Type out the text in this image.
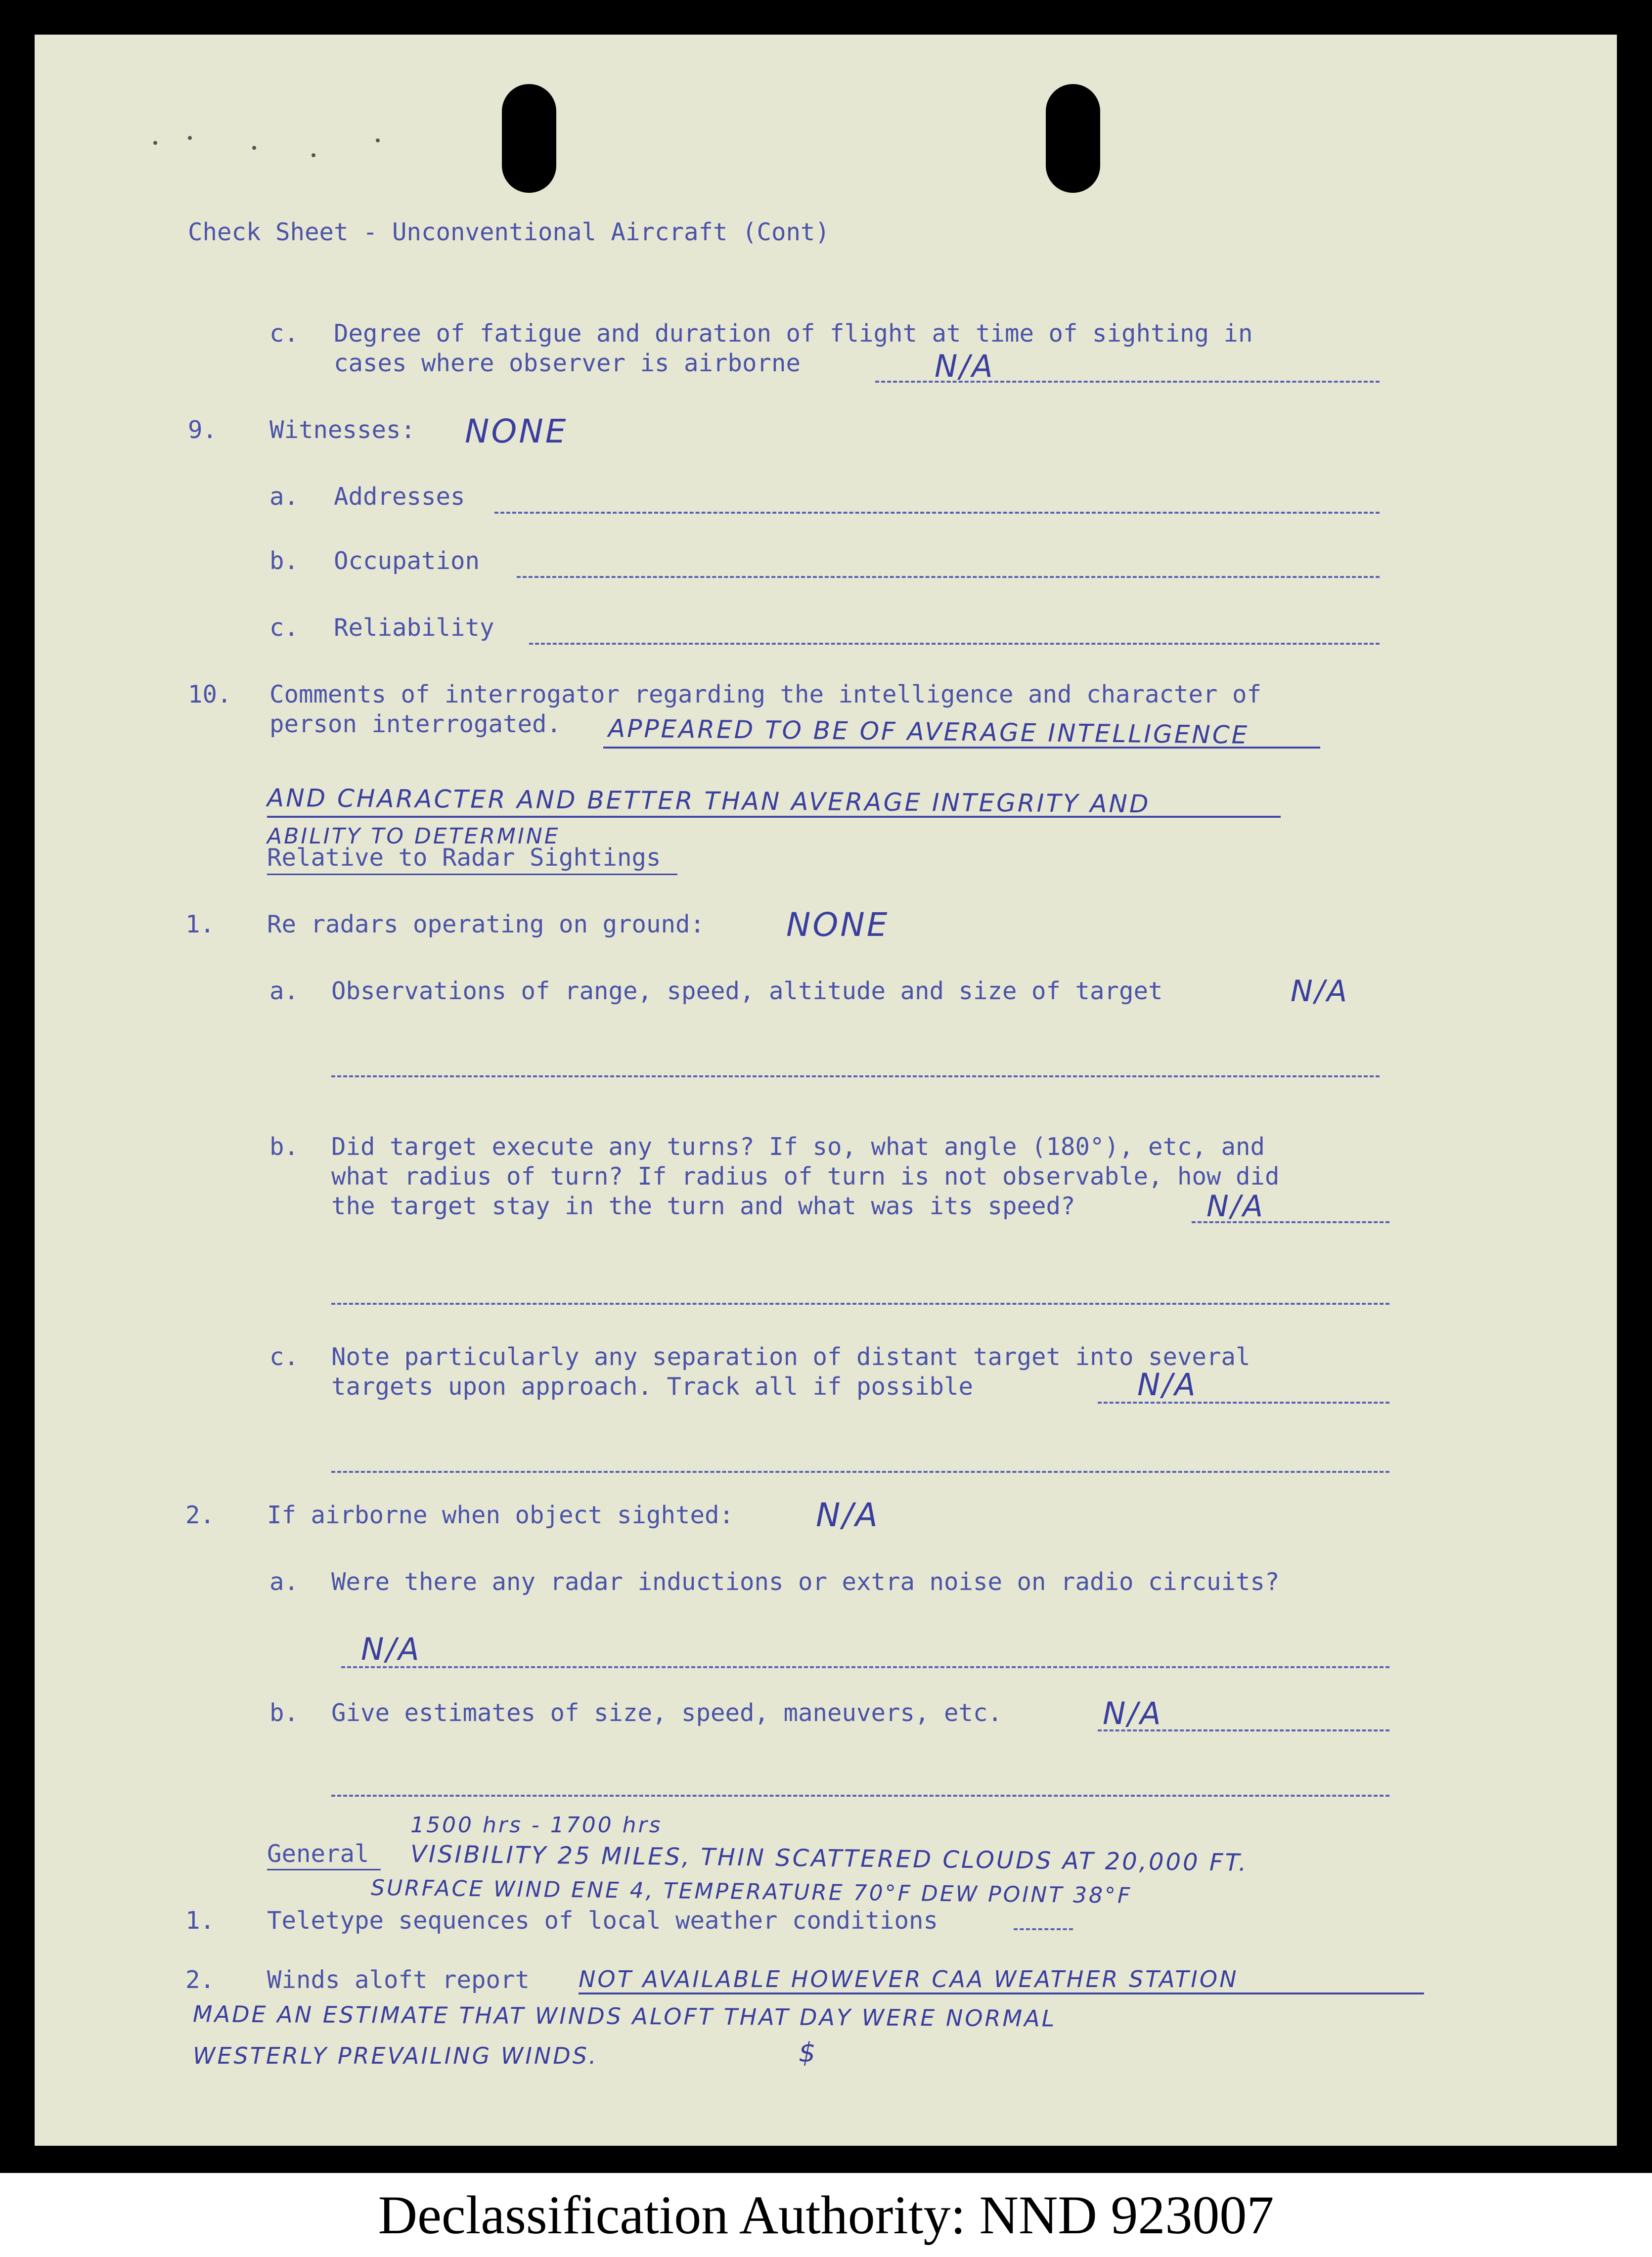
Check Sheet - Unconventional Aircraft (Cont)
c. Degree of fatigue and duration of flight at time of sighting in
cases where observer is airborne	N/A
9. Witnesses: NONE
a. Addresses
b. Occupation
c. Reliability
10. Comments of interrogator regarding the intelligence and character of
person interrogated. APPEARED TO BE OF AVERAGE INTELLIGENCE
AND CHARACTER AND BETTER THAN AVERAGE INTEGRITY AND
ABILITY TO DETERMINE
Relative to Radar Sightings
1. Re radars operating on ground: NONE
a. Observations of range, speed, altitude and size of target	N/A
b. Did target execute any turns? If so, what angle (180°), etc, and
what radius of turn? If radius of turn is not observable, how did
the target stay in the turn and what was its speed?	N/A
c. Note particularly any separation of distant target into several
targets upon approach. Track all if possible	N/A
2. If airborne when object sighted:	N/A
a. Were there any radar inductions or extra noise on radio circuits?
N/A
b. Give estimates of size, speed, maneuvers, etc.	N/A
1500 hrs - 1700 hrs
General VISIBILITY 25 MILES, THIN SCATTERED CLOUDS AT 20,000 FT.
SURFACE WIND ENE 4, TEMPERATURE 70°F DEW POINT 38°F
1. Teletype sequences of local weather conditions
2. Winds aloft report NOT AVAILABLE HOWEVER CAA WEATHER STATION
MADE AN ESTIMATE THAT WINDS ALOFT THAT DAY WERE NORMAL
WESTERLY PREVAILING WINDS.	$
Declassification Authority: NND 923007
